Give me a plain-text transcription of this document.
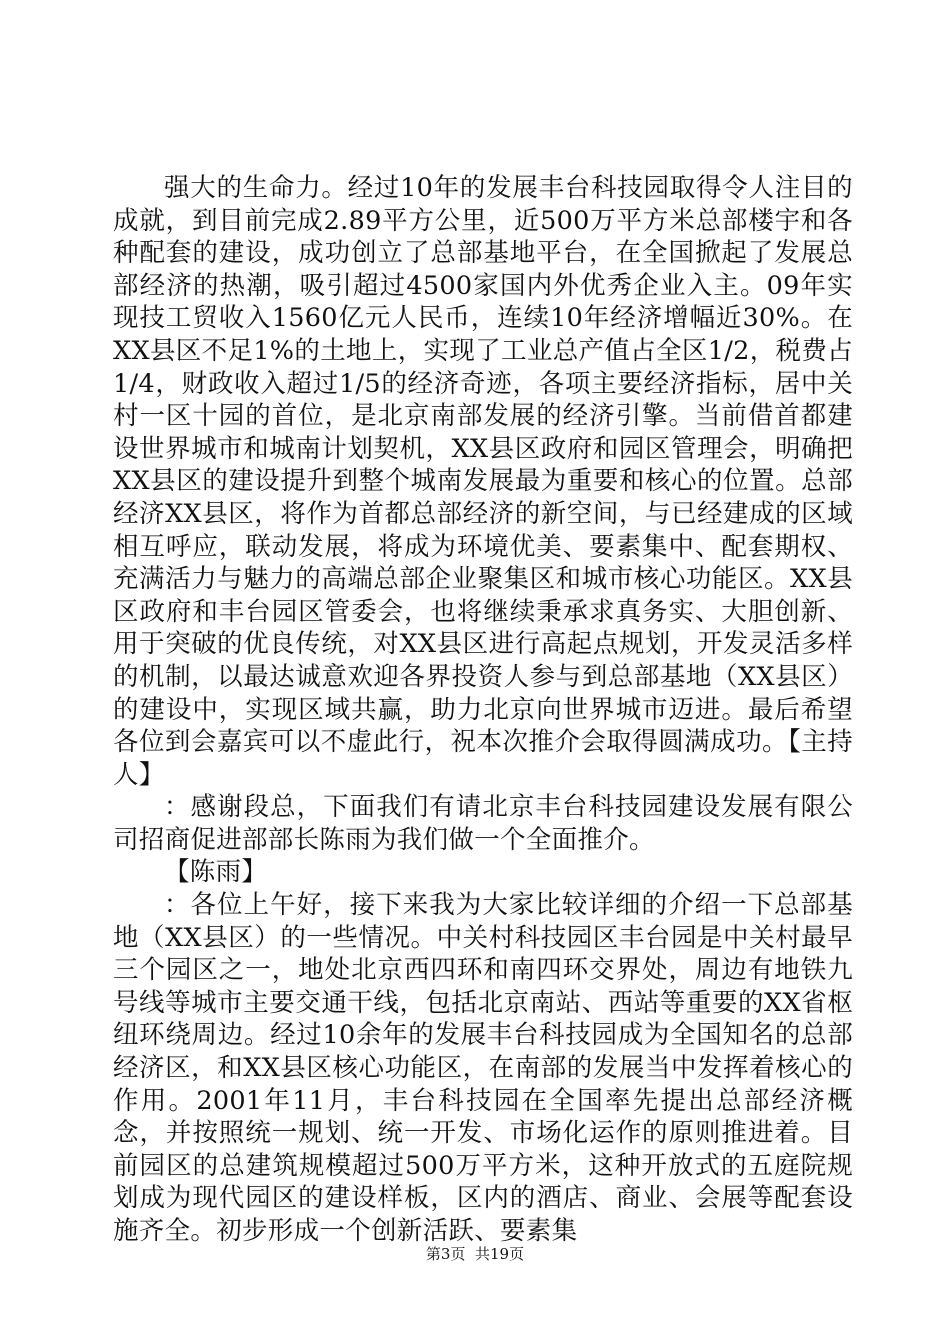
强大的生命力。经过10年的发展丰台科技园取得令人注目的成就，到目前完成2.89平方公里，近500万平方米总部楼宇和各种配套的建设，成功创立了总部基地平台，在全国掀起了发展总部经济的热潮，吸引超过4500家国内外优秀企业入主。09年实现技工贸收入1560亿元人民币，连续10年经济增幅近30%。在XX县区不足1%的土地上，实现了工业总产值占全区1/2，税费占1/4，财政收入超过1/5的经济奇迹，各项主要经济指标，居中关村一区十园的首位，是北京南部发展的经济引擎。当前借首都建设世界城市和城南计划契机，XX县区政府和园区管理会，明确把XX县区的建设提升到整个城南发展最为重要和核心的位置。总部经济XX县区，将作为首都总部经济的新空间，与已经建成的区域相互呼应，联动发展，将成为环境优美、要素集中、配套期权、充满活力与魅力的高端总部企业聚集区和城市核心功能区。XX县区政府和丰台园区管委会，也将继续秉承求真务实、大胆创新、用于突破的优良传统，对XX县区进行高起点规划，开发灵活多样的机制，以最达诚意欢迎各界投资人参与到总部基地（XX县区）的建设中，实现区域共赢，助力北京向世界城市迈进。最后希望各位到会嘉宾可以不虚此行，祝本次推介会取得圆满成功。【主持人】

：感谢段总，下面我们有请北京丰台科技园建设发展有限公司招商促进部部长陈雨为我们做一个全面推介。

【陈雨】

：各位上午好，接下来我为大家比较详细的介绍一下总部基地（XX县区）的一些情况。中关村科技园区丰台园是中关村最早三个园区之一，地处北京西四环和南四环交界处，周边有地铁九号线等城市主要交通干线，包括北京南站、西站等重要的XX省枢纽环绕周边。经过10余年的发展丰台科技园成为全国知名的总部经济区，和XX县区核心功能区，在南部的发展当中发挥着核心的作用。2001年11月，丰台科技园在全国率先提出总部经济概念，并按照统一规划、统一开发、市场化运作的原则推进着。目前园区的总建筑规模超过500万平方米，这种开放式的五庭院规划成为现代园区的建设样板，区内的酒店、商业、会展等配套设施齐全。初步形成一个创新活跃、要素集

第3页  共19页
